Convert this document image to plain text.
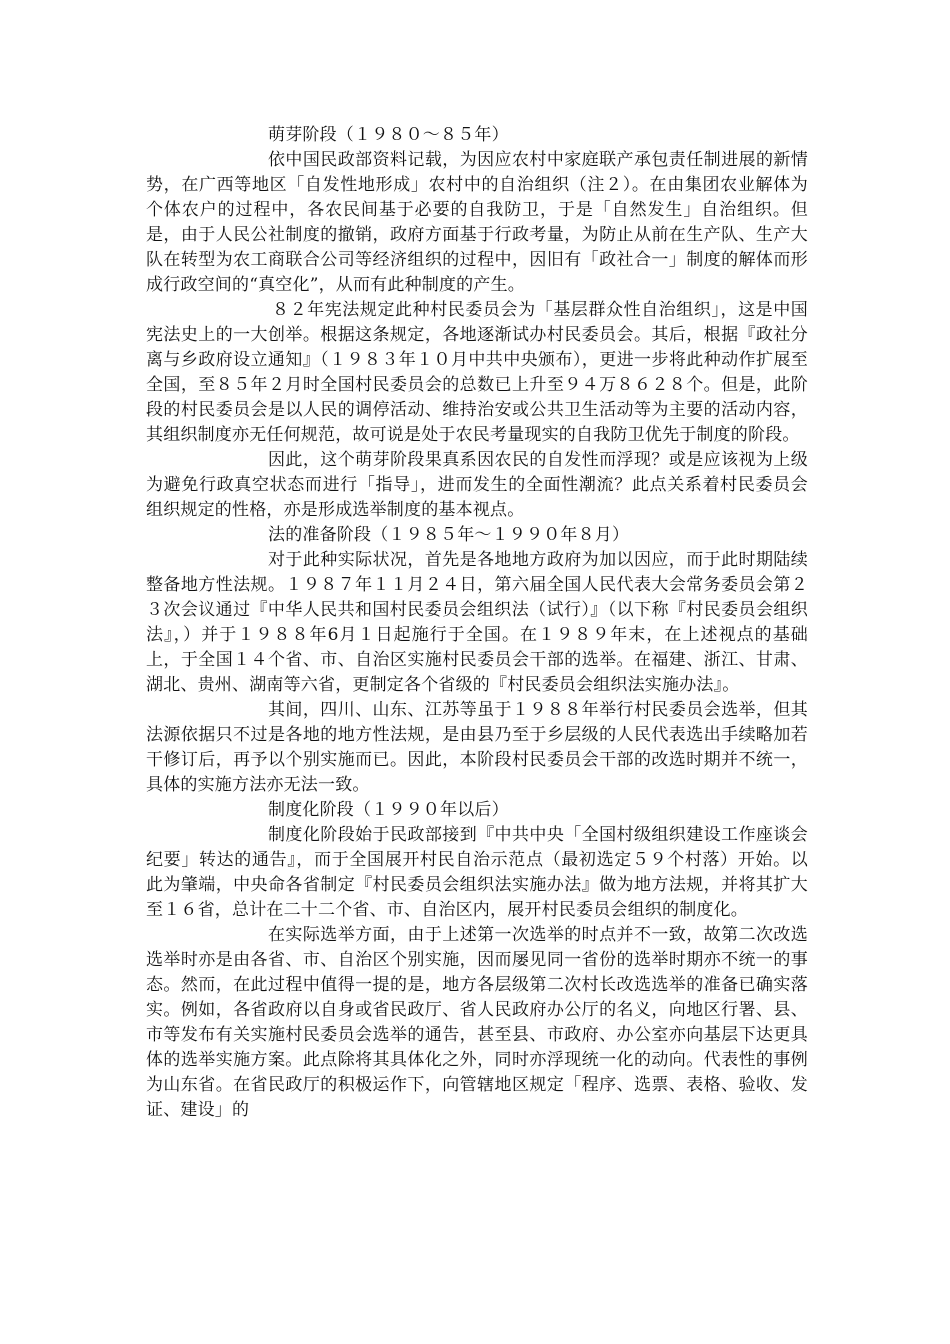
萌芽阶段（１９８０～８５年）

依中国民政部资料记载，为因应农村中家庭联产承包责任制进展的新情势，在广西等地区「自发性地形成」农村中的自治组织（注２）。在由集团农业解体为个体农户的过程中，各农民间基于必要的自我防卫，于是「自然发生」自治组织。但是，由于人民公社制度的撤销，政府方面基于行政考量，为防止从前在生产队、生产大队在转型为农工商联合公司等经济组织的过程中，因旧有「政社合一」制度的解体而形成行政空间的“真空化”，从而有此种制度的产生。

８２年宪法规定此种村民委员会为「基层群众性自治组织」，这是中国宪法史上的一大创举。根据这条规定，各地逐渐试办村民委员会。其后，根据『政社分离与乡政府设立通知』（１９８３年１０月中共中央颁布），更进一步将此种动作扩展至全国，至８５年２月时全国村民委员会的总数已上升至９４万８６２８个。但是，此阶段的村民委员会是以人民的调停活动、维持治安或公共卫生活动等为主要的活动内容，其组织制度亦无任何规范，故可说是处于农民考量现实的自我防卫优先于制度的阶段。

因此，这个萌芽阶段果真系因农民的自发性而浮现？或是应该视为上级为避免行政真空状态而进行「指导」，进而发生的全面性潮流？此点关系着村民委员会组织规定的性格，亦是形成选举制度的基本视点。

法的准备阶段（１９８５年～１９９０年８月）

对于此种实际状况，首先是各地地方政府为加以因应，而于此时期陆续整备地方性法规。１９８７年１１月２４日，第六届全国人民代表大会常务委员会第２３次会议通过『中华人民共和国村民委员会组织法（试行）』（以下称『村民委员会组织法』，）并于１９８８年6月１日起施行于全国。在１９８９年末，在上述视点的基础上，于全国１４个省、市、自治区实施村民委员会干部的选举。在福建、浙江、甘肃、湖北、贵州、湖南等六省，更制定各个省级的『村民委员会组织法实施办法』。

其间，四川、山东、江苏等虽于１９８８年举行村民委员会选举，但其法源依据只不过是各地的地方性法规，是由县乃至于乡层级的人民代表选出手续略加若干修订后，再予以个别实施而已。因此，本阶段村民委员会干部的改选时期并不统一，具体的实施方法亦无法一致。

制度化阶段（１９９０年以后）

制度化阶段始于民政部接到『中共中央「全国村级组织建设工作座谈会纪要」转达的通告』，而于全国展开村民自治示范点（最初选定５９个村落）开始。以此为肇端，中央命各省制定『村民委员会组织法实施办法』做为地方法规，并将其扩大至１６省，总计在二十二个省、市、自治区内，展开村民委员会组织的制度化。

在实际选举方面，由于上述第一次选举的时点并不一致，故第二次改选选举时亦是由各省、市、自治区个别实施，因而屡见同一省份的选举时期亦不统一的事态。然而，在此过程中值得一提的是，地方各层级第二次村长改选选举的准备已确实落实。例如，各省政府以自身或省民政厅、省人民政府办公厅的名义，向地区行署、县、市等发布有关实施村民委员会选举的通告，甚至县、市政府、办公室亦向基层下达更具体的选举实施方案。此点除将其具体化之外，同时亦浮现统一化的动向。代表性的事例为山东省。在省民政厅的积极运作下，向管辖地区规定「程序、选票、表格、验收、发证、建设」的
